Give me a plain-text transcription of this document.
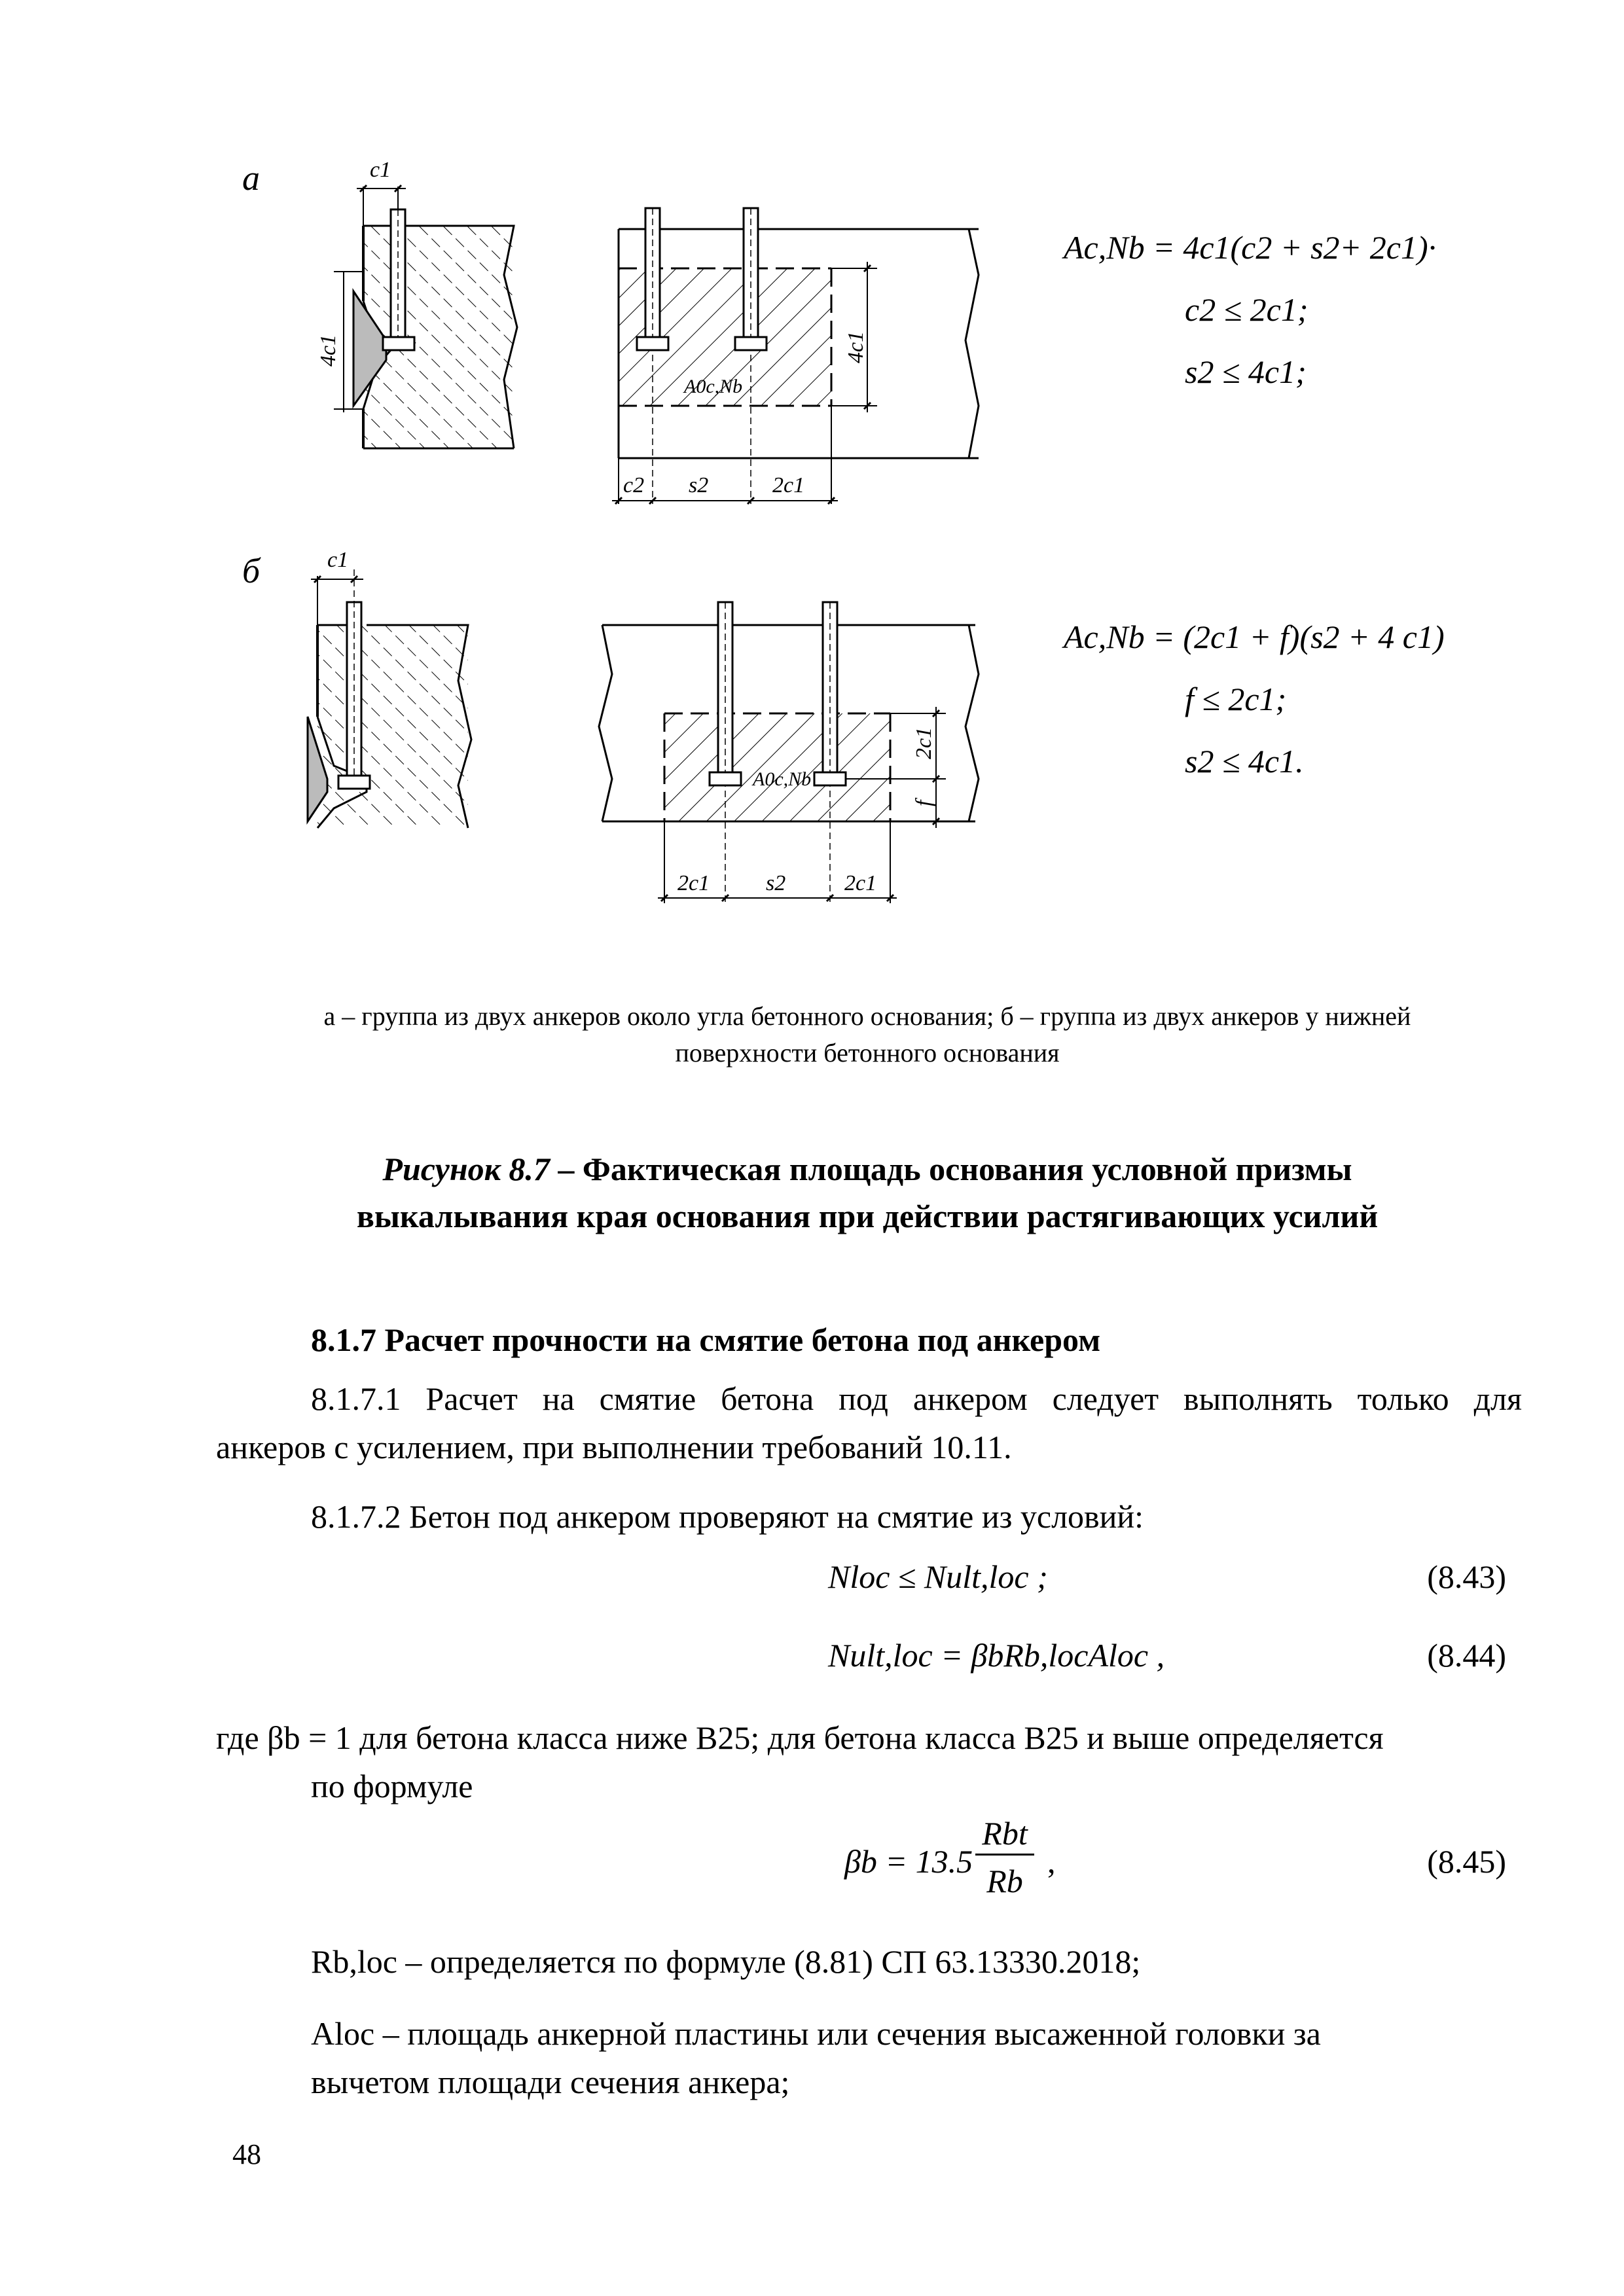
а	c1
4c1	4c1
A0c,Nb
c2 s2	2c1
Ac,Nb = 4c1(c2 + s2+ 2c1)·
c2 ≤ 2c1;
s2 ≤ 4c1;
б	c1
2c1
f
A0c,Nb
2c1	s2	2c1
Ac,Nb = (2c1 + f)(s2 + 4 c1)
f ≤ 2c1;
s2 ≤ 4c1.
а – группа из двух анкеров около угла бетонного основания; б – группа из двух анкеров у нижней
поверхности бетонного основания
Рисунок 8.7 – Фактическая площадь основания условной призмы
выкалывания края основания при действии растягивающих усилий
8.1.7 Расчет прочности на смятие бетона под анкером
8.1.7.1 Расчет на смятие бетона под анкером следует выполнять только для
анкеров с усилением, при выполнении требований 10.11.
8.1.7.2 Бетон под анкером проверяют на смятие из условий:
Nloc ≤ Nult,loc ;	(8.43)
Nult,loc = βbRb,locAloc ,	(8.44)
где βb = 1 для бетона класса ниже B25; для бетона класса B25 и выше определяется
по формуле
βb = 13.5
Rbt
Rb
,	(8.45)
Rb,loc – определяется по формуле (8.81) СП 63.13330.2018;
Aloc – площадь анкерной пластины или сечения высаженной головки за
вычетом площади сечения анкера;
48
